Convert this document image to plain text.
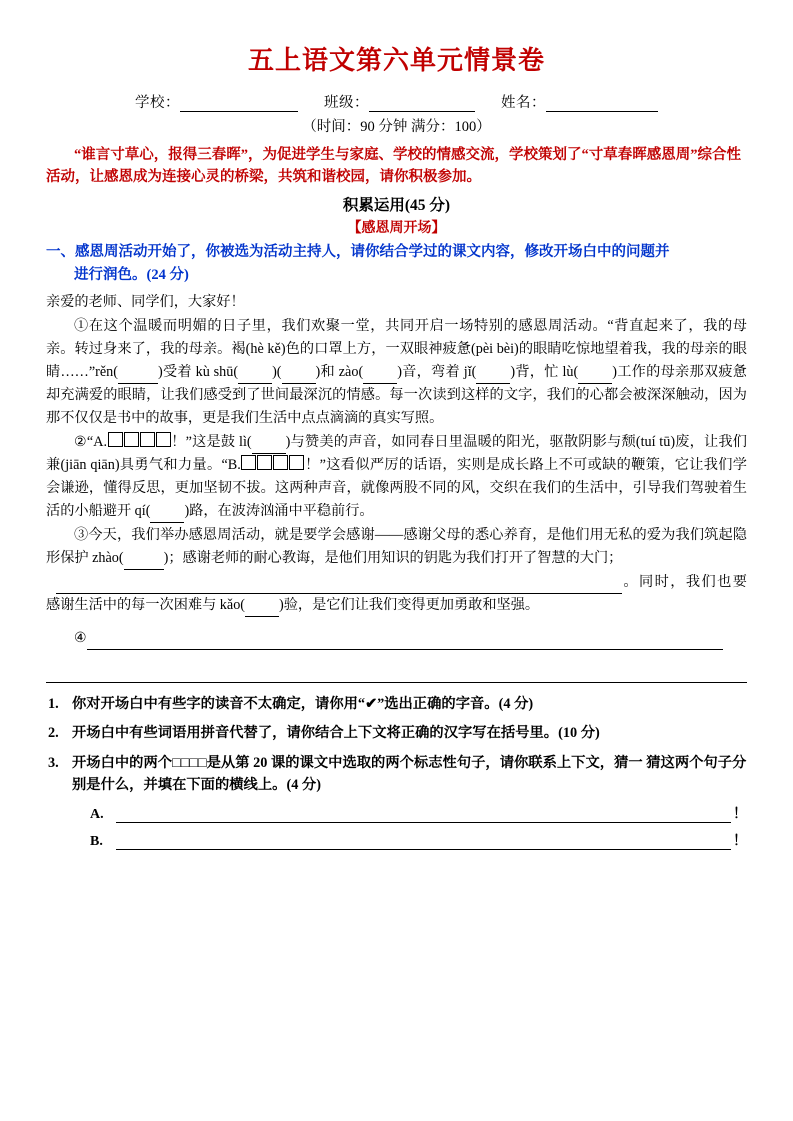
五上语文第六单元情景卷
学校：	班级：	姓名：
（时间：90 分钟 满分：100）

“谁言寸草心，报得三春晖”，为促进学生与家庭、学校的情感交流，学校策划了“寸草春晖感恩周”综合性活动，让感恩成为连接心灵的桥梁，共筑和谐校园，请你积极参加。

积累运用(45 分)
【感恩周开场】
一、感恩周活动开始了，你被选为活动主持人，请你结合学过的课文内容，修改开场白中的问题并
进行润色。(24 分)

亲爱的老师、同学们，大家好！

①在这个温暖而明媚的日子里，我们欢聚一堂，共同开启一场特别的感恩周活动。“背直起来了，我的母亲。转过身来了，我的母亲。褐(hè kě)色的口罩上方，一双眼神疲惫(pèi bèi)的眼睛吃惊地望着我，我的母亲的眼睛……”rěn(	)受着 kù shū( )( )和 zào( )音，弯着 jǐ( )背，忙 lù( )工作的母亲那双疲惫却充满爱的眼睛，让我们感受到了世间最深沉的情感。每一次读到这样的文字，我们的心都会被深深触动，因为那不仅仅是书中的故事，更是我们生活中点点滴滴的真实写照。

②“A.	！”这是鼓 lì( )与赞美的声音，如同春日里温暖的阳光，驱散阴影与颓(tuí tū)废，让我们兼(jiān qiān)具勇气和力量。“B.	！”这看似严厉的话语，实则是成长路上不可或缺的鞭策，它让我们学会谦逊，懂得反思，更加坚韧不拔。这两种声音，就像两股不同的风，交织在我们的生活中，引导我们驾驶着生活的小船避开 qí( )路，在波涛汹涌中平稳前行。

③今天，我们举办感恩周活动，就是要学会感谢——感谢父母的悉心养育，是他们用无私的爱为我们筑起隐形保护 zhào(	)；感谢老师的耐心教诲，是他们用知识的钥匙为我们打开了智慧的大门；

。同时，我们也要感谢生活中的每一次困难与 kǎo( )验，是它们让我们变得更加勇敢和坚强。

④

1. 你对开场白中有些字的读音不太确定，请你用“✔”选出正确的字音。(4 分)
2. 开场白中有些词语用拼音代替了，请你结合上下文将正确的汉字写在括号里。(10 分)
3. 开场白中的两个□□□□是从第 20 课的课文中选取的两个标志性句子，请你联系上下文，猜一 猜这两个句子分别是什么，并填在下面的横线上。(4 分)
A.	！
B.	！
